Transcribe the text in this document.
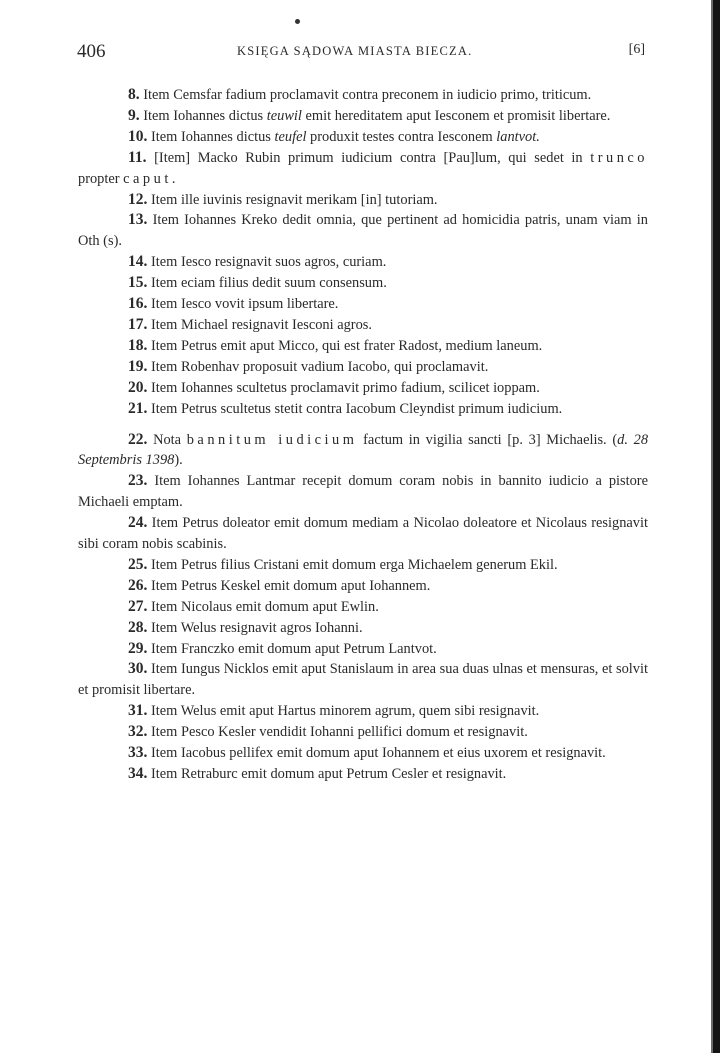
406	KSIĘGA SĄDOWA MIASTA BIECZA.	[6]

8. Item Cemsfar fadium proclamavit contra preconem in iudicio primo, triticum.

9. Item Iohannes dictus teuwil emit hereditatem aput Iesconem et promisit libertare.

10. Item Iohannes dictus teufel produxit testes contra Iesconem lantvot.

11. [Item] Macko Rubin primum iudicium contra [Pau]lum, qui sedet in trunco propter caput.

12. Item ille iuvinis resignavit merikam [in] tutoriam.

13. Item Iohannes Kreko dedit omnia, que pertinent ad homicidia patris, unam viam in Oth (s).

14. Item Iesco resignavit suos agros, curiam.

15. Item eciam filius dedit suum consensum.

16. Item Iesco vovit ipsum libertare.

17. Item Michael resignavit Iesconi agros.

18. Item Petrus emit aput Micco, qui est frater Radost, medium laneum.

19. Item Robenhav proposuit vadium Iacobo, qui proclamavit.

20. Item Iohannes scultetus proclamavit primo fadium, scilicet ioppam.

21. Item Petrus scultetus stetit contra Iacobum Cleyndist primum iudicium.

22. Nota bannitum iudicium factum in vigilia sancti [p. 3] Michaelis. (d. 28 Septembris 1398).

23. Item Iohannes Lantmar recepit domum coram nobis in bannito iudicio a pistore Michaeli emptam.

24. Item Petrus doleator emit domum mediam a Nicolao doleatore et Nicolaus resignavit sibi coram nobis scabinis.

25. Item Petrus filius Cristani emit domum erga Michaelem generum Ekil.

26. Item Petrus Keskel emit domum aput Iohannem.

27. Item Nicolaus emit domum aput Ewlin.

28. Item Welus resignavit agros Iohanni.

29. Item Franczko emit domum aput Petrum Lantvot.

30. Item Iungus Nicklos emit aput Stanislaum in area sua duas ulnas et mensuras, et solvit et promisit libertare.

31. Item Welus emit aput Hartus minorem agrum, quem sibi resignavit.

32. Item Pesco Kesler vendidit Iohanni pellifici domum et resignavit.

33. Item Iacobus pellifex emit domum aput Iohannem et eius uxorem et resignavit.

34. Item Retraburc emit domum aput Petrum Cesler et resignavit.
